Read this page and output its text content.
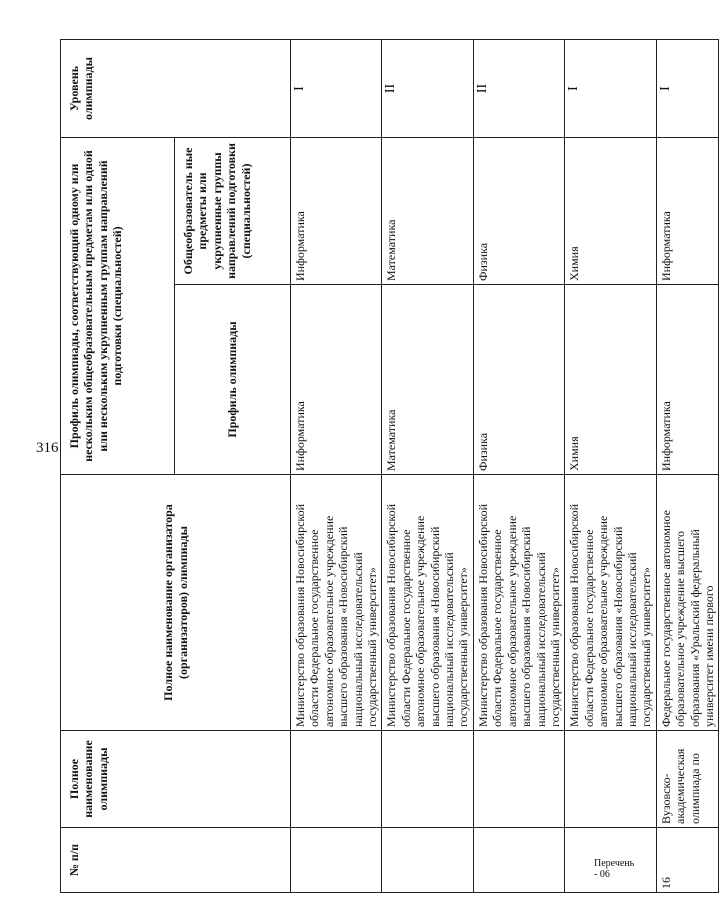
316
№ п/п	Полное наименование олимпиады	Полное наименование организатора (организаторов) олимпиады	Профиль олимпиады, соответствующий одному или нескольким общеобразовательным предметам или одной или нескольким укрупненным группам направлений подготовки (специальностей)		Уровень олимпиады
			Профиль олимпиады	Общеобразователь ные предметы или укрупненные группы направлений подготовки (специальностей)	
		Министерство образования Новосибирской области Федеральное государственное автономное образовательное учреждение высшего образования «Новосибирский национальный исследовательский государственный университет»	Информатика	Информатика	I
		Министерство образования Новосибирской области Федеральное государственное автономное образовательное учреждение высшего образования «Новосибирский национальный исследовательский государственный университет»	Математика	Математика	II
		Министерство образования Новосибирской области Федеральное государственное автономное образовательное учреждение высшего образования «Новосибирский национальный исследовательский государственный университет»	Физика	Физика	II
		Министерство образования Новосибирской области Федеральное государственное автономное образовательное учреждение высшего образования «Новосибирский национальный исследовательский государственный университет»	Химия	Химия	I
16	Вузовско-академическая олимпиада по	Федеральное государственное автономное образовательное учреждение высшего образования «Уральский федеральный университет имени первого	Информатика	Информатика	I
Перечень - 06
